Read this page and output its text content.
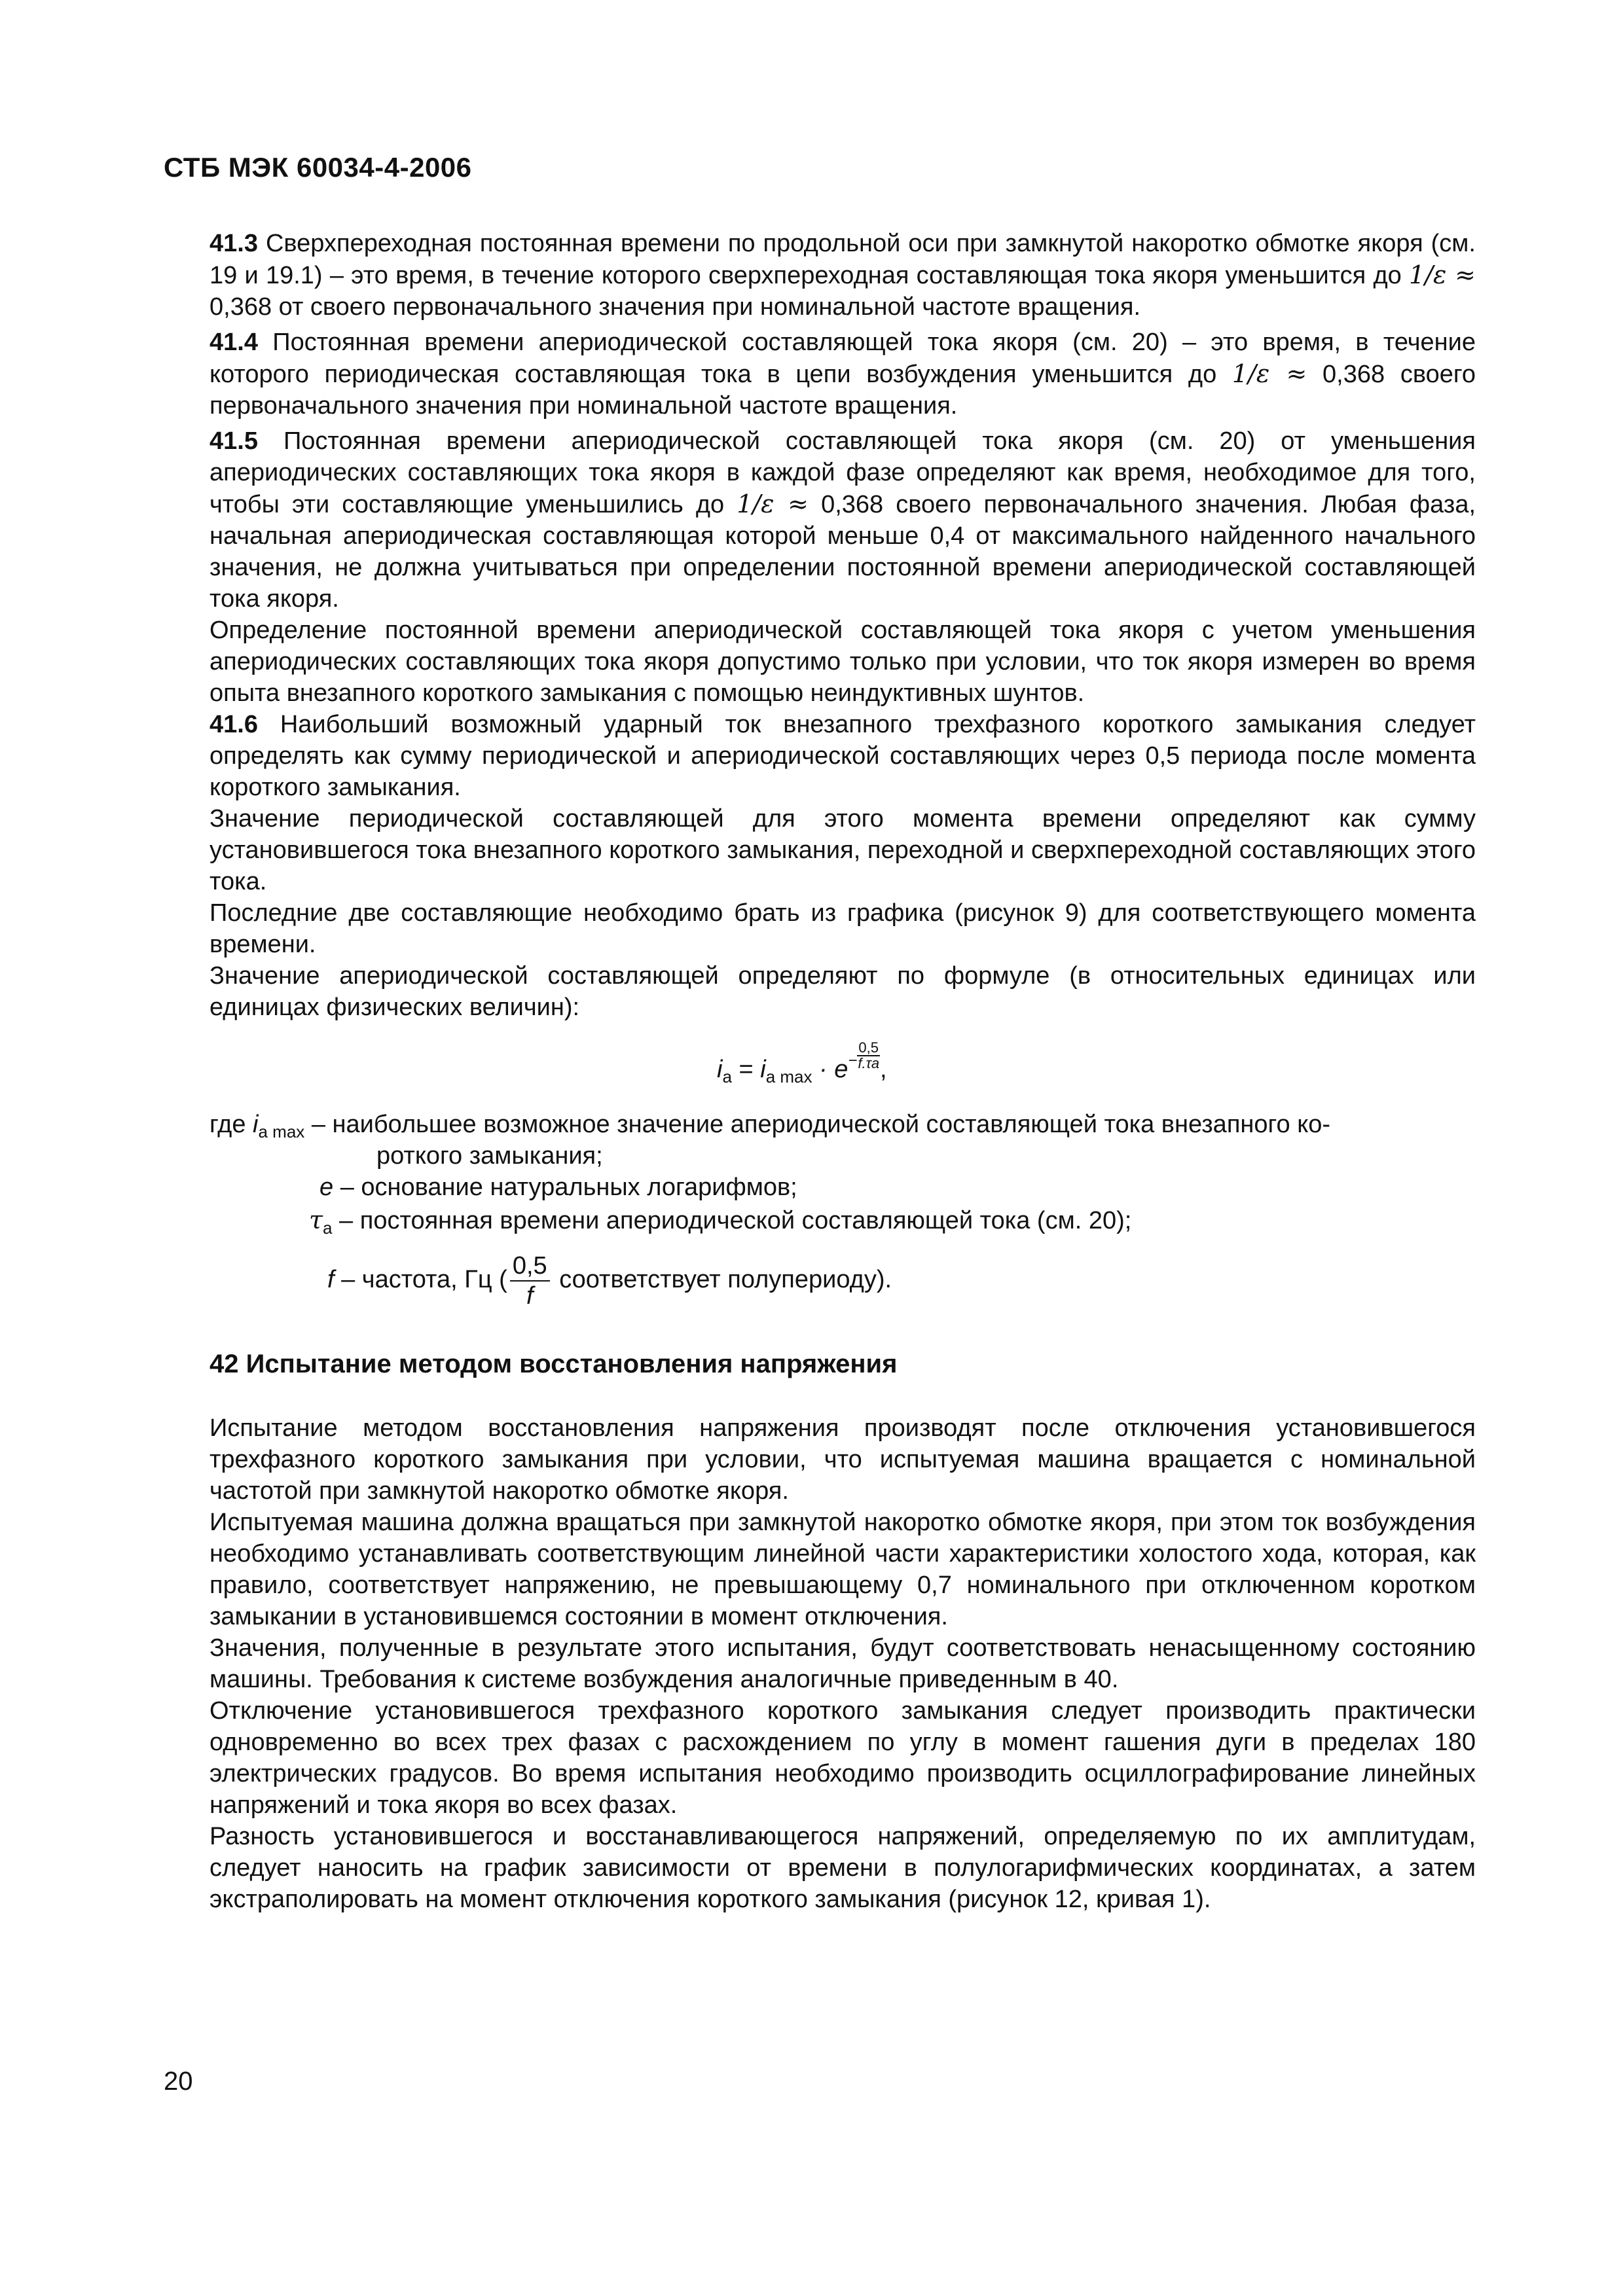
СТБ МЭК 60034-4-2006

41.3 Сверхпереходная постоянная времени по продольной оси при замкнутой накоротко обмотке якоря (см. 19 и 19.1) – это время, в течение которого сверхпереходная составляющая тока якоря уменьшится до 1/ε ≈ 0,368 от своего первоначального значения при номинальной частоте вращения.

41.4 Постоянная времени апериодической составляющей тока якоря (см. 20) – это время, в течение которого периодическая составляющая тока в цепи возбуждения уменьшится до 1/ε ≈ 0,368 своего первоначального значения при номинальной частоте вращения.

41.5 Постоянная времени апериодической составляющей тока якоря (см. 20) от уменьшения апериодических составляющих тока якоря в каждой фазе определяют как время, необходимое для того, чтобы эти составляющие уменьшились до 1/ε ≈ 0,368 своего первоначального значения. Любая фаза, начальная апериодическая составляющая которой меньше 0,4 от максимального найденного начального значения, не должна учитываться при определении постоянной времени апериодической составляющей тока якоря.

Определение постоянной времени апериодической составляющей тока якоря с учетом уменьшения апериодических составляющих тока якоря допустимо только при условии, что ток якоря измерен во время опыта внезапного короткого замыкания с помощью неиндуктивных шунтов.

41.6 Наибольший возможный ударный ток внезапного трехфазного короткого замыкания следует определять как сумму периодической и апериодической составляющих через 0,5 периода после момента короткого замыкания.

Значение периодической составляющей для этого момента времени определяют как сумму установившегося тока внезапного короткого замыкания, переходной и сверхпереходной составляющих этого тока.

Последние две составляющие необходимо брать из графика (рисунок 9) для соответствующего момента времени.

Значение апериодической составляющей определяют по формуле (в относительных единицах или единицах физических величин):

$i_a = i_{a max} \cdot e^- \frac{0,5}{f.\tau a}$ ,
где $i_{a max}$ – наибольшее возможное значение апериодической составляющей тока внезапного ко-
роткого замыкания;
e – основание натуральных логарифмов;
$\tau_a$ – постоянная времени апериодической составляющей тока (см. 20);
f – частота, Гц ( $\frac{0,5}{f}$ соответствует полупериоду).
42 Испытание методом восстановления напряжения

Испытание методом восстановления напряжения производят после отключения установившегося трехфазного короткого замыкания при условии, что испытуемая машина вращается с номинальной частотой при замкнутой накоротко обмотке якоря.

Испытуемая машина должна вращаться при замкнутой накоротко обмотке якоря, при этом ток возбуждения необходимо устанавливать соответствующим линейной части характеристики холостого хода, которая, как правило, соответствует напряжению, не превышающему 0,7 номинального при отключенном коротком замыкании в установившемся состоянии в момент отключения.

Значения, полученные в результате этого испытания, будут соответствовать ненасыщенному состоянию машины. Требования к системе возбуждения аналогичные приведенным в 40.

Отключение установившегося трехфазного короткого замыкания следует производить практически одновременно во всех трех фазах с расхождением по углу в момент гашения дуги в пределах 180 электрических градусов. Во время испытания необходимо производить осциллографирование линейных напряжений и тока якоря во всех фазах.

Разность установившегося и восстанавливающегося напряжений, определяемую по их амплитудам, следует наносить на график зависимости от времени в полулогарифмических координатах, а затем экстраполировать на момент отключения короткого замыкания (рисунок 12, кривая 1).

20
